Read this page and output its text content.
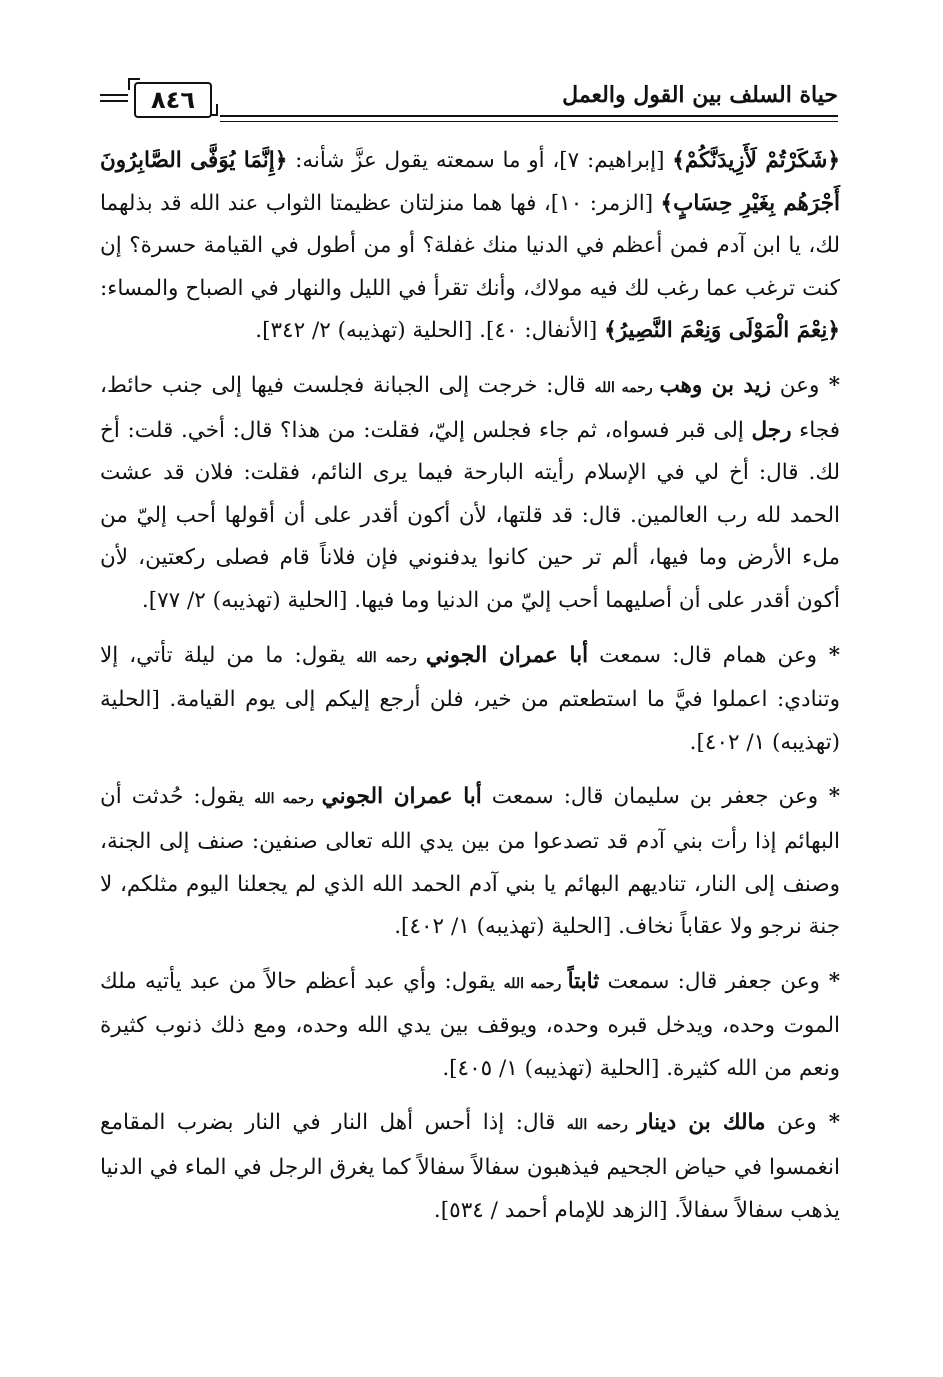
حياة السلف بين القول والعمل
٨٤٦

﴿شَكَرْتُمْ لَأَزِيدَنَّكُمْ﴾ [إبراهيم: ٧]، أو ما سمعته يقول عزَّ شأنه: ﴿إِنَّمَا يُوَفَّى الصَّابِرُونَ أَجْرَهُم بِغَيْرِ حِسَابٍ﴾ [الزمر: ١٠]، فها هما منزلتان عظيمتا الثواب عند الله قد بذلهما لك، يا ابن آدم فمن أعظم في الدنيا منك غفلة؟ أو من أطول في القيامة حسرة؟ إن كنت ترغب عما رغب لك فيه مولاك، وأنك تقرأ في الليل والنهار في الصباح والمساء: ﴿نِعْمَ الْمَوْلَى وَنِعْمَ النَّصِيرُ﴾ [الأنفال: ٤٠]. [الحلية (تهذيبه) ٢/ ٣٤٢].

* وعن زيد بن وهب رحمه الله قال: خرجت إلى الجبانة فجلست فيها إلى جنب حائط، فجاء رجل إلى قبر فسواه، ثم جاء فجلس إليّ، فقلت: من هذا؟ قال: أخي. قلت: أخ لك. قال: أخ لي في الإسلام رأيته البارحة فيما يرى النائم، فقلت: فلان قد عشت الحمد لله رب العالمين. قال: قد قلتها، لأن أكون أقدر على أن أقولها أحب إليّ من ملء الأرض وما فيها، ألم تر حين كانوا يدفنوني فإن فلاناً قام فصلى ركعتين، لأن أكون أقدر على أن أصليهما أحب إليّ من الدنيا وما فيها. [الحلية (تهذيبه) ٢/ ٧٧].

* وعن همام قال: سمعت أبا عمران الجوني رحمه الله يقول: ما من ليلة تأتي، إلا وتنادي: اعملوا فيَّ ما استطعتم من خير، فلن أرجع إليكم إلى يوم القيامة. [الحلية (تهذيبه) ١/ ٤٠٢].

* وعن جعفر بن سليمان قال: سمعت أبا عمران الجوني رحمه الله يقول: حُدثت أن البهائم إذا رأت بني آدم قد تصدعوا من بين يدي الله تعالى صنفين: صنف إلى الجنة، وصنف إلى النار، تناديهم البهائم يا بني آدم الحمد الله الذي لم يجعلنا اليوم مثلكم، لا جنة نرجو ولا عقاباً نخاف. [الحلية (تهذيبه) ١/ ٤٠٢].

* وعن جعفر قال: سمعت ثابتاً رحمه الله يقول: وأي عبد أعظم حالاً من عبد يأتيه ملك الموت وحده، ويدخل قبره وحده، ويوقف بين يدي الله وحده، ومع ذلك ذنوب كثيرة ونعم من الله كثيرة. [الحلية (تهذيبه) ١/ ٤٠٥].

* وعن مالك بن دينار رحمه الله قال: إذا أحس أهل النار في النار بضرب المقامع انغمسوا في حياض الجحيم فيذهبون سفالاً سفالاً كما يغرق الرجل في الماء في الدنيا يذهب سفالاً سفالاً. [الزهد للإمام أحمد / ٥٣٤].
